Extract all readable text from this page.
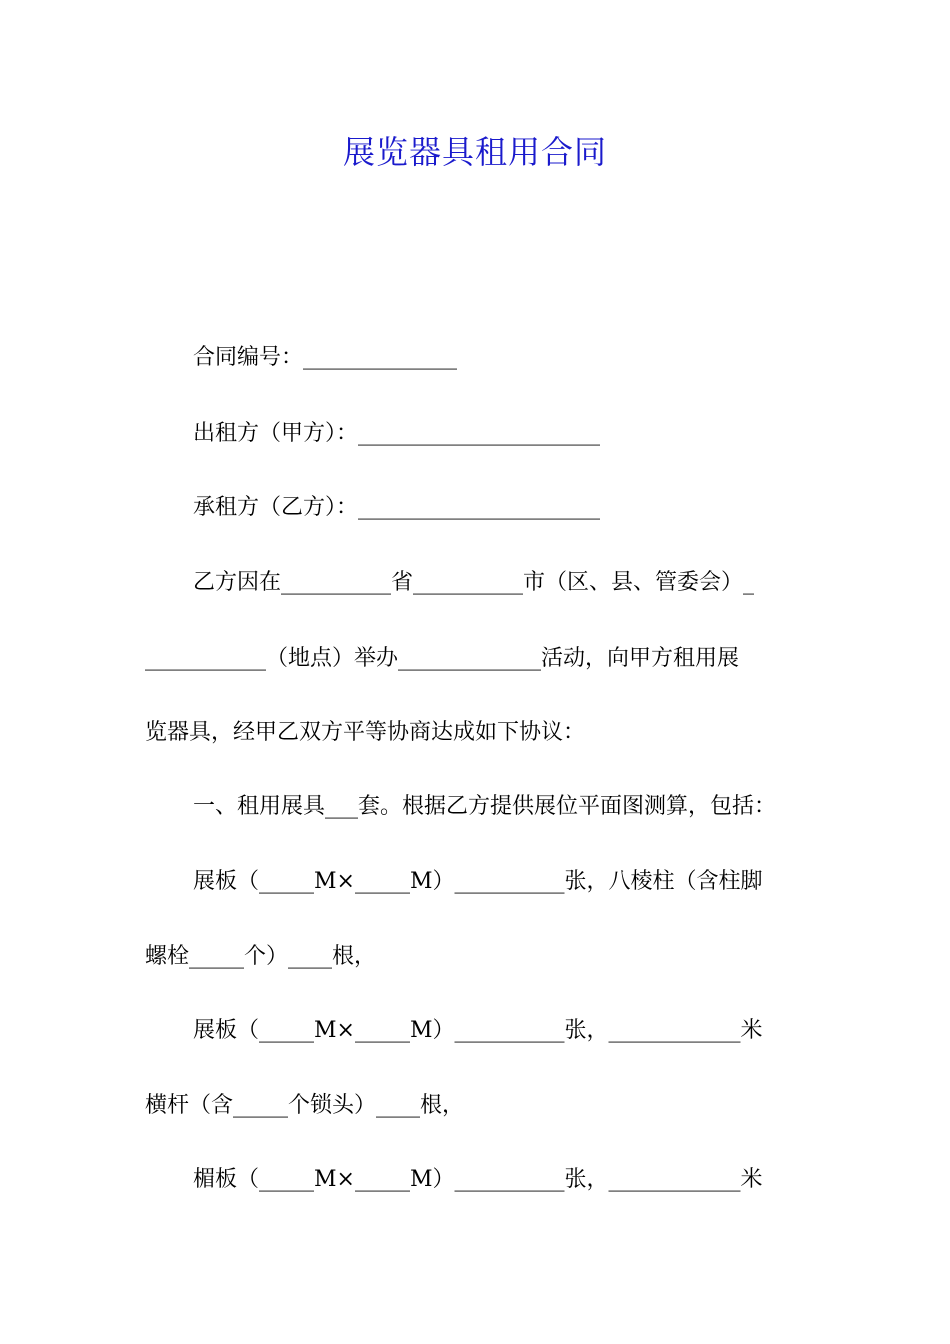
展览器具租用合同
合同编号：______________
出租方（甲方）：______________________
承租方（乙方）：______________________
乙方因在__________省__________市（区、县、管委会）_
___________（地点）举办_____________活动，向甲方租用展
览器具，经甲乙双方平等协商达成如下协议：
一、租用展具___套。根据乙方提供展位平面图测算，包括：
展板（_____M×_____M）__________张，八棱柱（含柱脚
螺栓_____个）____根，
展板（_____M×_____M）__________张，____________米
横杆（含_____个锁头）____根，
楣板（_____M×_____M）__________张，____________米
